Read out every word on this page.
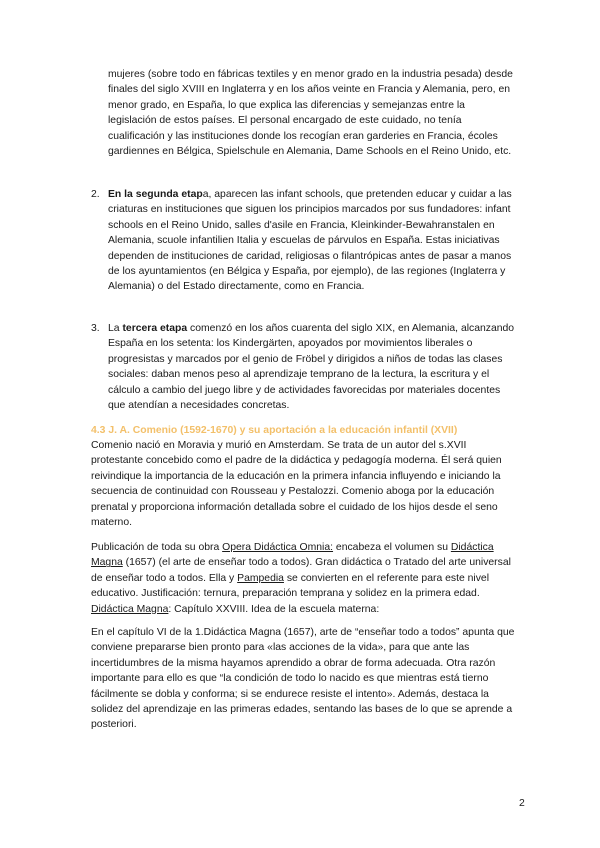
mujeres (sobre todo en fábricas textiles y en menor grado en la industria pesada) desde finales del siglo XVIII en Inglaterra y en los años veinte en Francia y Alemania, pero, en menor grado, en España, lo que explica las diferencias y semejanzas entre la legislación de estos países. El personal encargado de este cuidado, no tenía cualificación y las instituciones donde los recogían eran garderies en Francia, écoles gardiennes en Bélgica, Spielschule en Alemania, Dame Schools en el Reino Unido, etc.

2. En la segunda etapa, aparecen las infant schools, que pretenden educar y cuidar a las criaturas en instituciones que siguen los principios marcados por sus fundadores: infant schools en el Reino Unido, salles d'asile en Francia, Kleinkinder-Bewahranstalen en Alemania, scuole infantilien Italia y escuelas de párvulos en España. Estas iniciativas dependen de instituciones de caridad, religiosas o filantrópicas antes de pasar a manos de los ayuntamientos (en Bélgica y España, por ejemplo), de las regiones (Inglaterra y Alemania) o del Estado directamente, como en Francia.
3. La tercera etapa comenzó en los años cuarenta del siglo XIX, en Alemania, alcanzando España en los setenta: los Kindergärten, apoyados por movimientos liberales o progresistas y marcados por el genio de Fröbel y dirigidos a niños de todas las clases sociales: daban menos peso al aprendizaje temprano de la lectura, la escritura y el cálculo a cambio del juego libre y de actividades favorecidas por materiales docentes que atendían a necesidades concretas.

4.3 J. A. Comenio (1592-1670) y su aportación a la educación infantil (XVII)

Comenio nació en Moravia y murió en Amsterdam. Se trata de un autor del s.XVII protestante concebido como el padre de la didáctica y pedagogía moderna. Él será quien reivindique la importancia de la educación en la primera infancia influyendo e iniciando la secuencia de continuidad con Rousseau y Pestalozzi. Comenio aboga por la educación prenatal y proporciona información detallada sobre el cuidado de los hijos desde el seno materno.

Publicación de toda su obra Opera Didáctica Omnia: encabeza el volumen su Didáctica Magna (1657) (el arte de enseñar todo a todos). Gran didáctica o Tratado del arte universal de enseñar todo a todos. Ella y Pampedia se convierten en el referente para este nivel educativo. Justificación: ternura, preparación temprana y solidez en la primera edad.
Didáctica Magna: Capítulo XXVIII. Idea de la escuela materna:

En el capítulo VI de la 1.Didáctica Magna (1657), arte de “enseñar todo a todos” apunta que conviene prepararse bien pronto para «las acciones de la vida», para que ante las incertidumbres de la misma hayamos aprendido a obrar de forma adecuada. Otra razón importante para ello es que “la condición de todo lo nacido es que mientras está tierno fácilmente se dobla y conforma; si se endurece resiste el intento». Además, destaca la solidez del aprendizaje en las primeras edades, sentando las bases de lo que se aprende a posteriori.

2
